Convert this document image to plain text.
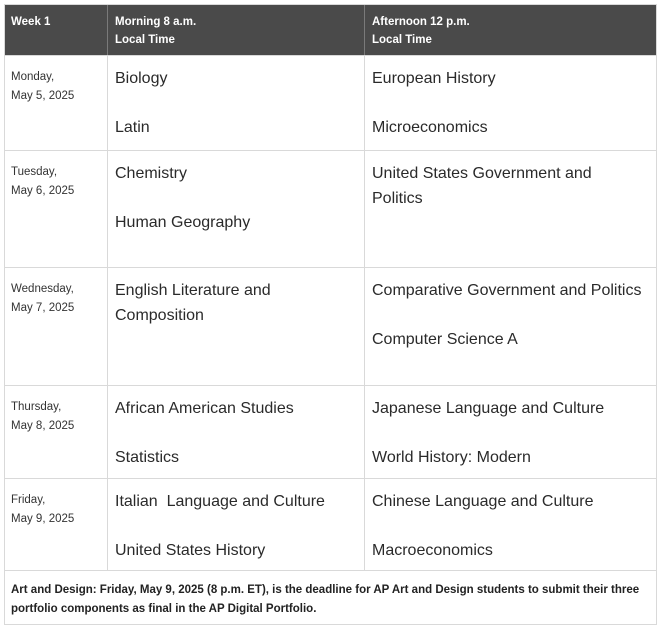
Week 1	Morning 8 a.m.
Local Time
Afternoon 12 p.m.
Local Time
Monday,
May 5, 2025
Biology
Latin
European History
Microeconomics
Tuesday,
May 6, 2025
Chemistry
Human Geography
United States Government and Politics
Wednesday,
May 7, 2025
English Literature and Composition
Comparative Government and Politics
Computer Science A
Thursday,
May 8, 2025
African American Studies
Statistics
Japanese Language and Culture
World History: Modern
Friday,
May 9, 2025
Italian  Language and Culture
United States History
Chinese Language and Culture
Macroeconomics
Art and Design: Friday, May 9, 2025 (8 p.m. ET), is the deadline for AP Art and Design students to submit their three portfolio components as final in the AP Digital Portfolio.
